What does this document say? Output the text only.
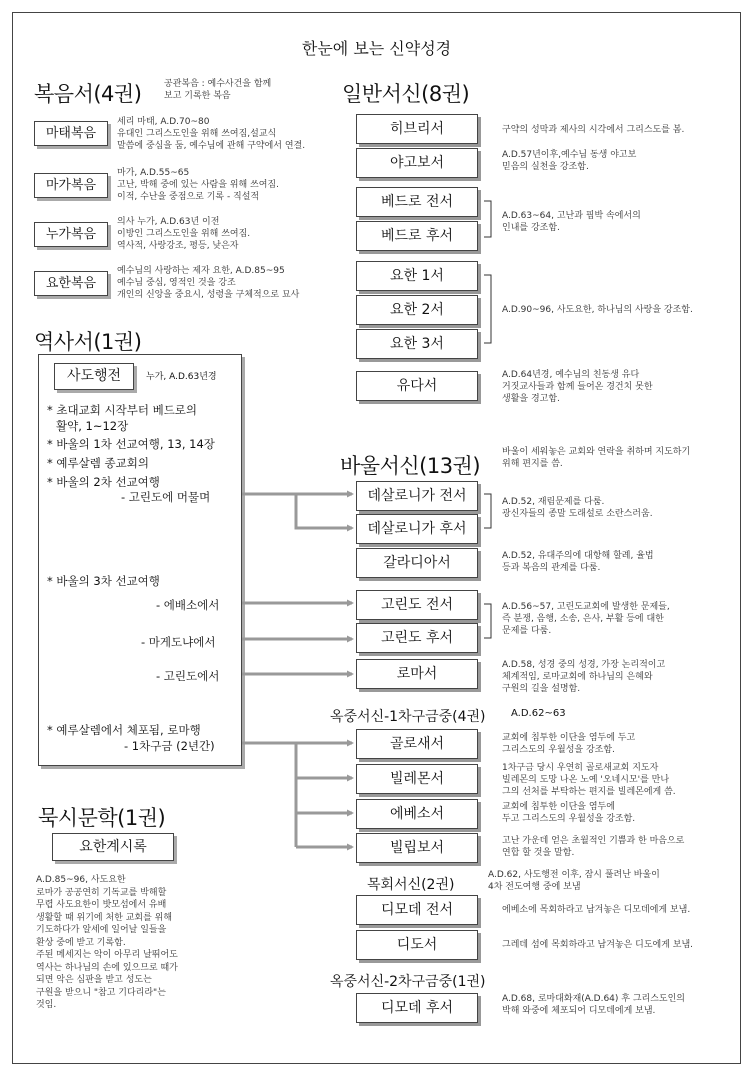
한눈에 보는 신약성경
복음서(4권)	공관복음 : 예수사건을 함께
보고 기록한 복음
마태복음
세리 마태, A.D.70~80
유대인 그리스도인을 위해 쓰여짐,설교식
말씀에 중심을 둠, 예수님에 관해 구약에서 연결.
마가복음
마가, A.D.55~65
고난, 박해 중에 있는 사람을 위해 쓰여짐.
이적, 수난을 중점으로 기록 - 직설적
누가복음
의사 누가, A.D.63년 이전
이방인 그리스도인을 위해 쓰여짐.
역사적, 사랑강조, 평등, 낮은자
요한복음
예수님의 사랑하는 제자 요한, A.D.85~95
예수님 중심, 영적인 것을 강조
개인의 신앙을 중요시, 성령을 구체적으로 묘사
역사서(1권)
사도행전	누가, A.D.63년경
* 초대교회 시작부터 베드로의
활약, 1~12장
* 바울의 1차 선교여행, 13, 14장
* 예루살렘 종교회의
* 바울의 2차 선교여행
- 고린도에 머물며
* 바울의 3차 선교여행
- 에배소에서
- 마게도냐에서
- 고린도에서
* 예루살렘에서 체포됨, 로마행
- 1차구금 (2년간)
묵시문학(1권)
요한계시록
A.D.85~96, 사도요한
로마가 공공연히 기독교를 박해할
무렵 사도요한이 밧모섬에서 유배
생활할 때 위기에 처한 교회를 위해
기도하다가 알세에 일어날 일들을
환상 중에 받고 기록함.
주된 메세지는 악이 아무리 날뛰어도
역사는 하나님의 손에 있으므로 때가
되면 악은 심판을 받고 성도는
구원을 받으니 "참고 기다리라"는
것임.
일반서신(8권)
히브리서	구약의 성막과 제사의 시각에서 그리스도를 봄.
야고보서	A.D.57년이후,예수님 동생 야고보
믿음의 실천을 강조함.
베드로 전서
베드로 후서
A.D.63~64, 고난과 핍박 속에서의
인내를 강조함.
요한 1서
요한 2서
요한 3서
A.D.90~96, 사도요한, 하나님의 사랑을 강조함.
유다서
A.D.64년경, 예수님의 친동생 유다
거짓교사들과 함께 들어온 경건치 못한
생활을 경고함.
바울서신(13권)
바울이 세워놓은 교회와 연락을 취하며 지도하기
위해 편지를 씀.
데살로니가 전서
데살로니가 후서
A.D.52, 재림문제를 다룸.
광신자들의 종말 도래설로 소란스러움.
갈라디아서	A.D.52, 유대주의에 대항해 할례, 율법
등과 복음의 관계를 다룸.
고린도 전서
고린도 후서
A.D.56~57, 고린도교회에 발생한 문제들,
즉 분쟁, 음행, 소송, 은사, 부활 등에 대한
문제를 다룸.
로마서
A.D.58, 성경 중의 성경, 가장 논리적이고
체계적임, 로마교회에 하나님의 은혜와
구원의 길을 설명함.
옥중서신-1차구금중(4권)	A.D.62~63
골로새서	교회에 침투한 이단을 염두에 두고
그리스도의 우월성을 강조함.
빌레몬서
1차구금 당시 우연히 골로새교회 지도자
빌레몬의 도망 나온 노예 '오네시모'를 만나
그의 선처를 부탁하는 편지를 빌레몬에게 씀.
에베소서	교회에 침투한 이단을 염두에
두고 그리스도의 우월성을 강조함.
빌립보서	고난 가운데 얻은 초월적인 기쁨과 한 마음으로
연합 할 것을 말함.
목회서신(2권)
A.D.62, 사도행전 이후, 잠시 풀려난 바울이
4차 전도여행 중에 보냄
디모데 전서	에베소에 목회하라고 남겨놓은 디모데에게 보냄.
디도서	그레데 섬에 목회하라고 남겨놓은 디도에게 보냄.
옥중서신-2차구금중(1권)
디모데 후서
A.D.68, 로마대화재(A.D.64) 후 그리스도인의
박해 와중에 체포되어 디모데에게 보냄.
